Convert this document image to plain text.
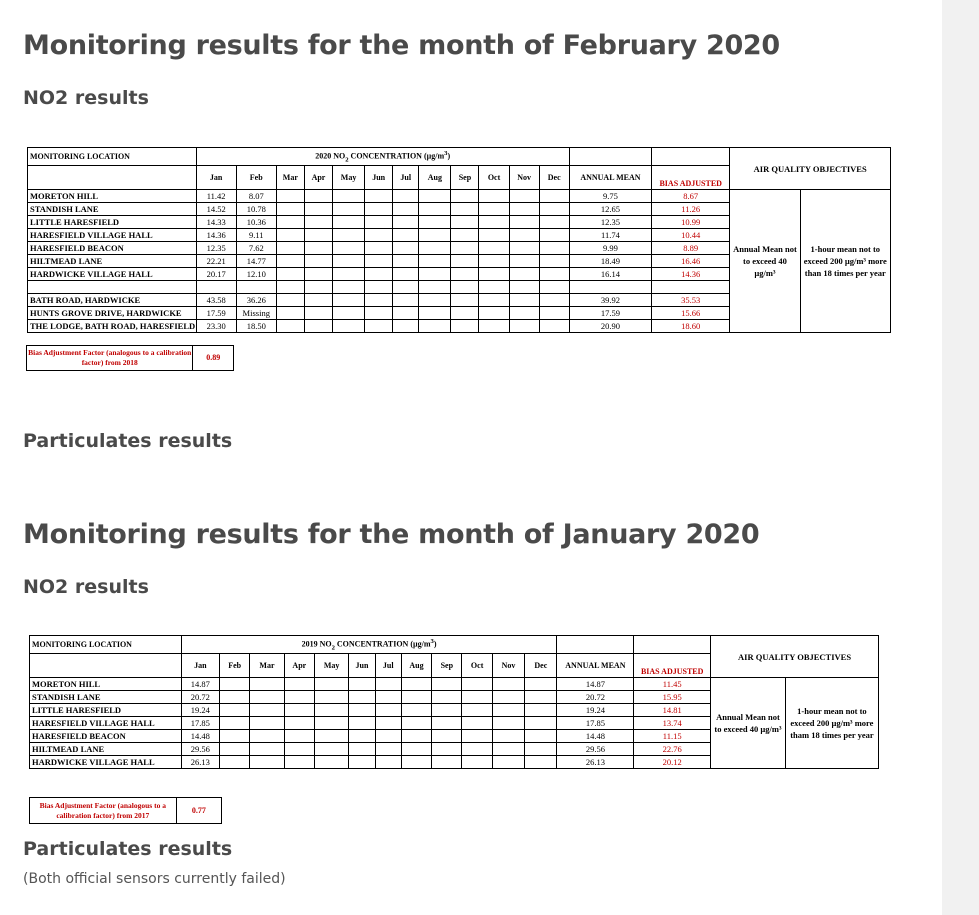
Monitoring results for the month of February 2020
NO2 results
MONITORING LOCATION	2020 $NO_2$ CONCENTRATION $(\mu g/m^3)$														AIR QUALITY OBJECTIVES	
	Jan	Feb	Mar	Apr	May	Jun	Jul	Aug	Sep	Oct	Nov	Dec	ANNUAL MEAN	BIAS ADJUSTED		
MORETON HILL	11.42	8.07											9.75	8.67	Annual Mean not to exceed 40 µg/m³	1-hour mean not to exceed 200 µg/m³ more than 18 times per year
STANDISH LANE	14.52	10.78											12.65	11.26		
LITTLE HARESFIELD	14.33	10.36											12.35	10.99		
HARESFIELD VILLAGE HALL	14.36	9.11											11.74	10.44		
HARESFIELD BEACON	12.35	7.62											9.99	8.89		
HILTMEAD LANE	22.21	14.77											18.49	16.46		
HARDWICKE VILLAGE HALL	20.17	12.10											16.14	14.36		

BATH ROAD, HARDWICKE	43.58	36.26											39.92	35.53		
HUNTS GROVE DRIVE, HARDWICKE	17.59	Missing											17.59	15.66		
THE LODGE, BATH ROAD, HARESFIELD	23.30	18.50											20.90	18.60		
Bias Adjustment Factor (analogous to a calibration factor) from 2018	0.89
Particulates results
Monitoring results for the month of January 2020
NO2 results
MONITORING LOCATION	2019 $NO_2$ CONCENTRATION $(\mu g/m^3)$														AIR QUALITY OBJECTIVES	
	Jan	Feb	Mar	Apr	May	Jun	Jul	Aug	Sep	Oct	Nov	Dec	ANNUAL MEAN	BIAS ADJUSTED		
MORETON HILL	14.87												14.87	11.45	Annual Mean not to exceed 40 µg/m³	1-hour mean not to exceed 200 µg/m³ more tham 18 times per year
STANDISH LANE	20.72												20.72	15.95		
LITTLE HARESFIELD	19.24												19.24	14.81		
HARESFIELD VILLAGE HALL	17.85												17.85	13.74		
HARESFIELD BEACON	14.48												14.48	11.15		
HILTMEAD LANE	29.56												29.56	22.76		
HARDWICKE VILLAGE HALL	26.13												26.13	20.12		
Bias Adjustment Factor (analogous to a calibration factor) from 2017	0.77
Particulates results
(Both official sensors currently failed)
